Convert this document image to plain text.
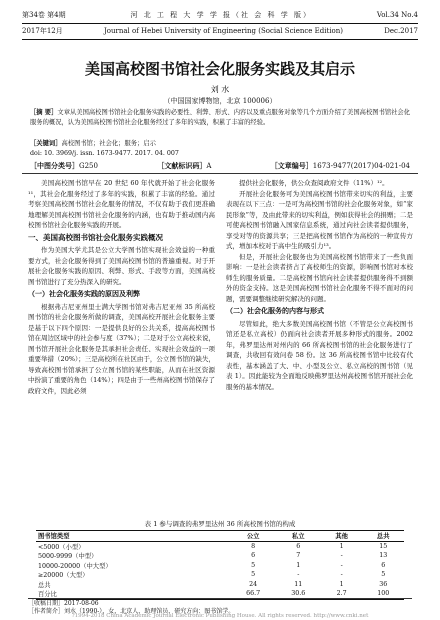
第34卷 第4期	河 北 工 程 大 学 学 报（社 会 科 学 版）	Vol.34 No.4
2017年12月	Journal of Hebei University of Engineering (Social Science Edition)	Dec.2017
美国高校图书馆社会化服务实践及其启示
刘 水
（中国国家博物馆，北京 100006）
［摘 要］文章从美国高校图书馆社会化服务实践的必要性、利弊、形式、内容以及重点服务对象等几个方面介绍了美国高校图书馆社会化服务的概况，认为美国高校图书馆社会化服务经过了多年的实践，积累了丰富的经验。
［关键词］高校图书馆；社会化；服务；启示
doi: 10. 3969/j. issn. 1673-9477. 2017. 04. 007
［中图分类号］G250	［文献标识码］A	［文章编号］1673-9477(2017)04-021-04

美国高校图书馆早在 20 世纪 60 年代就开始了社会化服务¹¹，其社会化服务经过了多年的实践，积累了丰富的经验。通过考察美国高校图书馆社会化服务的情况，不仅有助于我们更准确地理解美国高校图书馆社会化服务的内涵，也有助于推动国内高校图书馆社会化服务实践的开展。

一、美国高校图书馆社会化服务实践概况

作为美国大学尤其是公立大学图书馆实现社会效益的一种重要方式，社会化服务得到了美国高校图书馆的普遍重视。对于开展社会化服务实践的原因、利弊、形式、手段等方面，美国高校图书馆进行了充分热深入的研究。

（一）社会化服务实践的原因及利弊

根据弗吉尼亚州里士满大学图书馆对弗吉尼亚州 35 所高校图书馆的社会化服务所做的调查，美国高校开展社会化服务主要是基于以下四个原因：一是提供良好的公共关系，提高高校图书馆在周边区域中的社会参与度（37%）；二是对于公立高校来说，图书馆开展社会化服务是其承担社会责任、实现社会效益的一项重要举措（20%）；三是高校所在社区由于，公立图书馆的缺失，导致高校图书馆承担了公立图书馆的某些职能，从而在社区资源中扮演了重要的角色（14%）；四是由于一些州高校图书馆保存了政府文件，因此必须

提供社会化服务，供公众查阅政府文件（11%）¹²。

开展社会化服务可为美国高校图书馆带来切实的利益，主要表现在以下三点：一是可为高校图书馆的社会化服务对象，如“家民形象”等，及由此带来的切实利益，例如获得社会的捐赠；二是可使高校图书馆融入国家信息系统，通过向社会读者提供服务，享受对等的资源共享；三是把高校图书馆作为高校的一种宣传方式，增加本校对于高中生的吸引力¹³。

但是，开展社会化服务也为美国高校图书馆带来了一些负面影响：一是社会读者挤占了高校师生的资源，影响图书馆对本校师生的服务质量。二是高校图书馆向社会读者提供服务得不到额外的资金支持。这是美国高校图书馆社会化服务不得不面对的问题，需要调整继续研究解决的问题。

（二）社会化服务的内容与形式

尽管如此，绝大多数美国高校图书馆（不管是公立高校图书馆还是私立高校）仍面向社会读者开展多种形式的服务。2002年，弗罗里达州对州内的 66 所高校图书馆的社会化服务进行了调查，共收回有效问卷 58 份。这 36 所高校图书馆中比较有代表性，基本涵盖了大、中、小型及公立、私立高校的图书馆（见表 1）。因此能较为全面地反映佛罗里达州高校图书馆开展社会化服务的基本情况。

表 1 参与调查的弗罗里达州 36 所高校图书馆的构成
图书馆类型	公立	私立	其他	总共
<5000（小型）	8	6	1	15
5000-9999（中型）	6	7	-	13
10000-20000（中大型）	5	1	-	6
≥20000（大型）	5	-	-	5
总共	24	11	1	36
百分比	66.7	30.6	2.7	100
［收稿日期］2017-08-06
［作者简介］刘水（1990-），女，北京人，助理馆员，研究方向：图书馆学。
?1994-2018 China Academic Journal Electronic Publishing House. All rights reserved. http://www.cnki.net
